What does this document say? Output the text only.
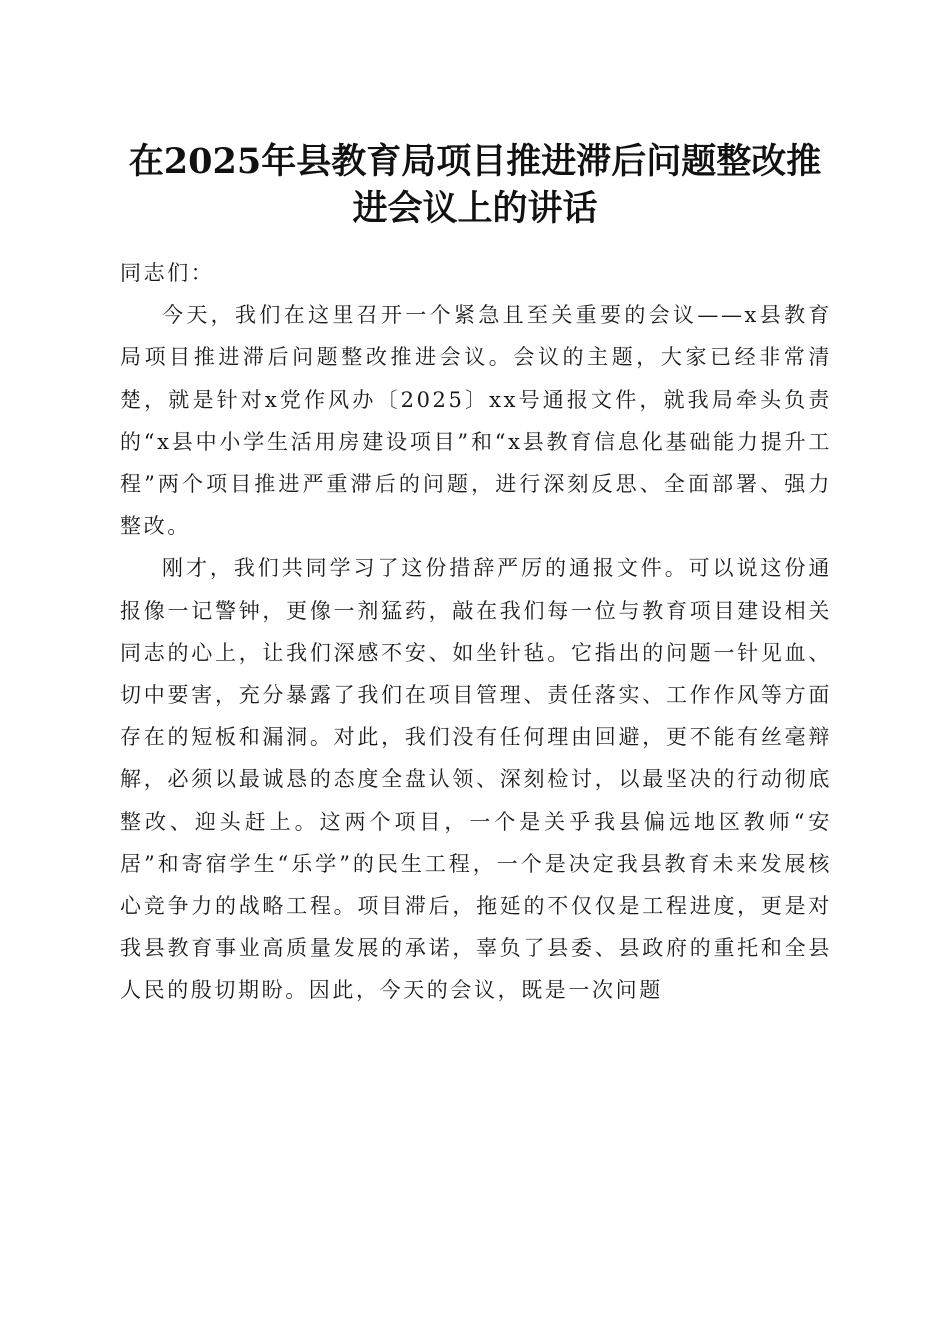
在2025年县教育局项目推进滞后问题整改推进会议上的讲话

同志们：

今天，我们在这里召开一个紧急且至关重要的会议——x县教育局项目推进滞后问题整改推进会议。会议的主题，大家已经非常清楚，就是针对x党作风办〔2025〕xx号通报文件，就我局牵头负责的“x县中小学生活用房建设项目”和“x县教育信息化基础能力提升工程”两个项目推进严重滞后的问题，进行深刻反思、全面部署、强力整改。

刚才，我们共同学习了这份措辞严厉的通报文件。可以说这份通报像一记警钟，更像一剂猛药，敲在我们每一位与教育项目建设相关同志的心上，让我们深感不安、如坐针毡。它指出的问题一针见血、切中要害，充分暴露了我们在项目管理、责任落实、工作作风等方面存在的短板和漏洞。对此，我们没有任何理由回避，更不能有丝毫辩解，必须以最诚恳的态度全盘认领、深刻检讨，以最坚决的行动彻底整改、迎头赶上。这两个项目，一个是关乎我县偏远地区教师“安居”和寄宿学生“乐学”的民生工程，一个是决定我县教育未来发展核心竞争力的战略工程。项目滞后，拖延的不仅仅是工程进度，更是对我县教育事业高质量发展的承诺，辜负了县委、县政府的重托和全县人民的殷切期盼。因此，今天的会议，既是一次问题
